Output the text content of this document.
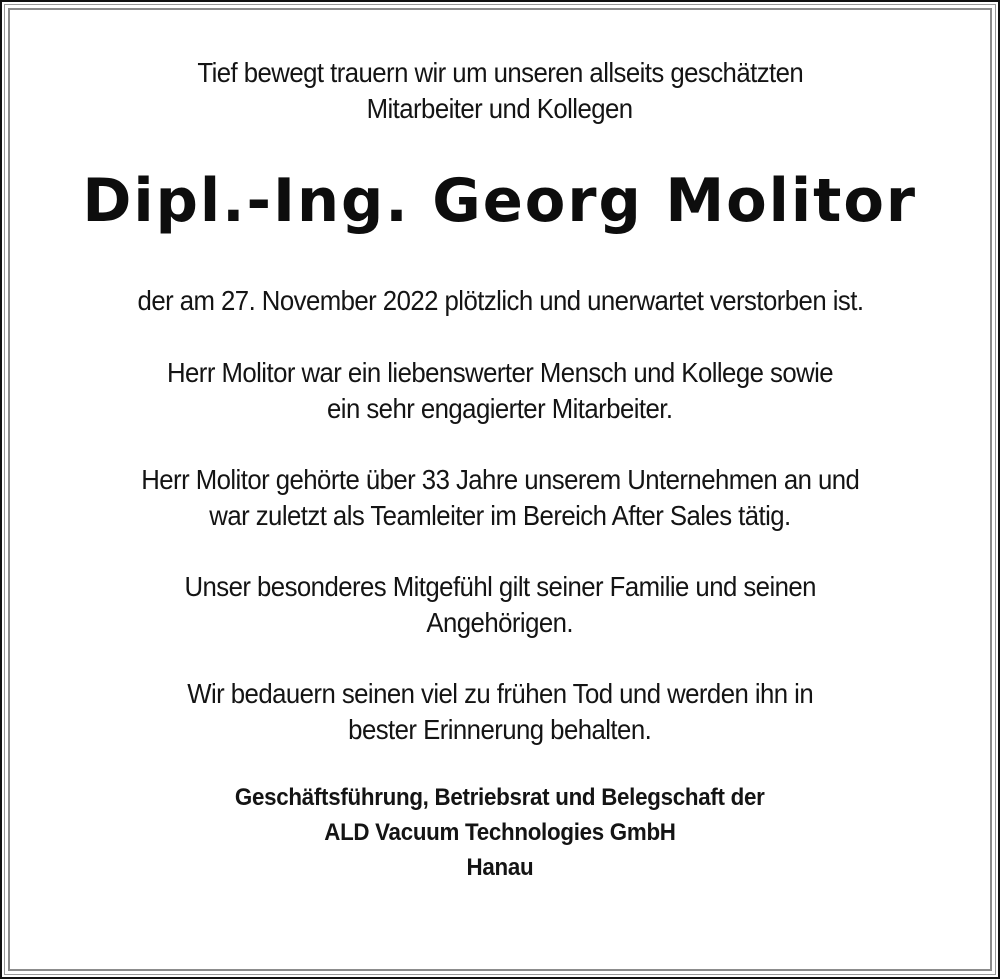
Tief bewegt trauern wir um unseren allseits geschätzten
Mitarbeiter und Kollegen
Dipl.-Ing. Georg Molitor
der am 27. November 2022 plötzlich und unerwartet verstorben ist.
Herr Molitor war ein liebenswerter Mensch und Kollege sowie
ein sehr engagierter Mitarbeiter.
Herr Molitor gehörte über 33 Jahre unserem Unternehmen an und
war zuletzt als Teamleiter im Bereich After Sales tätig.
Unser besonderes Mitgefühl gilt seiner Familie und seinen
Angehörigen.
Wir bedauern seinen viel zu frühen Tod und werden ihn in
bester Erinnerung behalten.
Geschäftsführung, Betriebsrat und Belegschaft der
ALD Vacuum Technologies GmbH
Hanau
